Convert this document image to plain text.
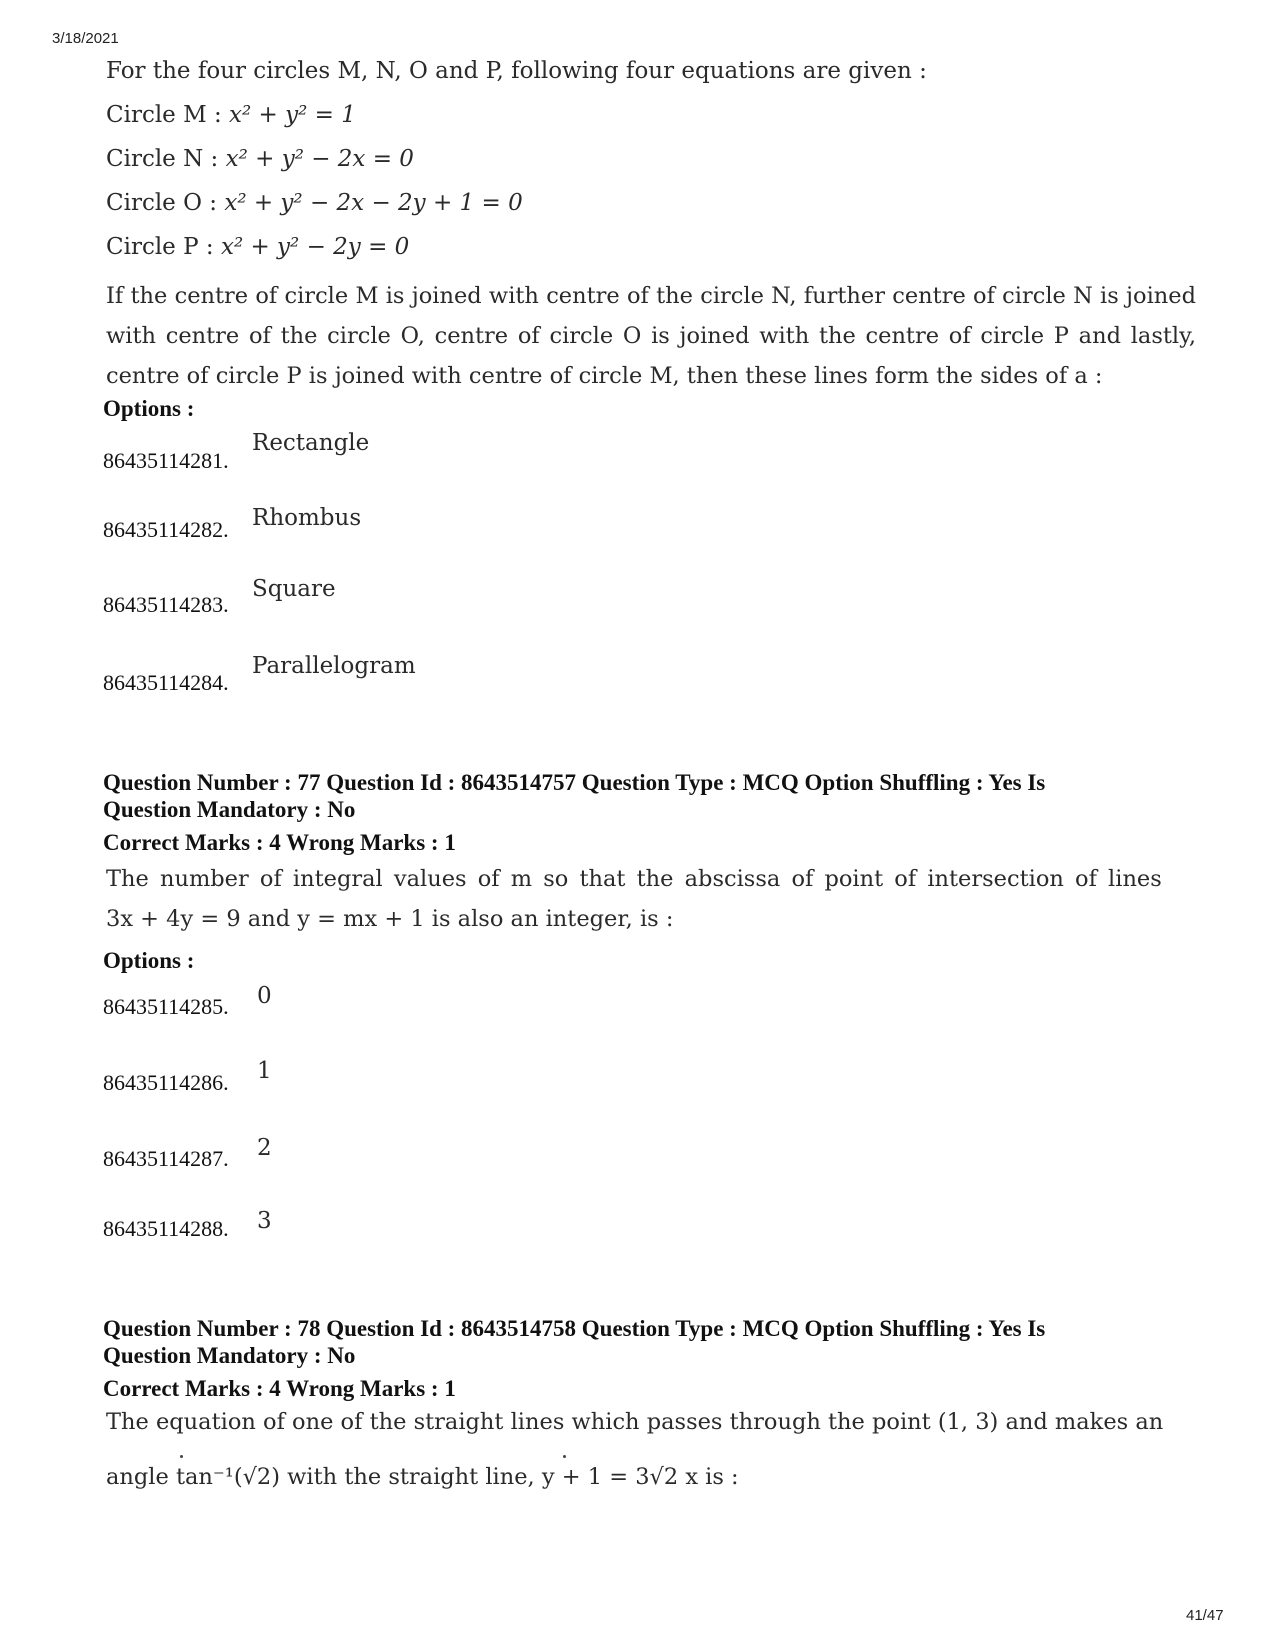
3/18/2021
For the four circles M, N, O and P, following four equations are given :
Circle M : x² + y² = 1
Circle N : x² + y² − 2x = 0
Circle O : x² + y² − 2x − 2y + 1 = 0
Circle P : x² + y² − 2y = 0
If the centre of circle M is joined with centre of the circle N, further centre of circle N is joined with centre of the circle O, centre of circle O is joined with the centre of circle P and lastly, centre of circle P is joined with centre of circle M, then these lines form the sides of a :
Options :
86435114281.
Rectangle
86435114282. Rhombus
86435114283.
Square
86435114284.
Parallelogram
Question Number : 77 Question Id : 8643514757 Question Type : MCQ Option Shuffling : Yes Is
Question Mandatory : No
Correct Marks : 4 Wrong Marks : 1
The number of integral values of m so that the abscissa of point of intersection of lines
3x + 4y = 9 and y = mx + 1 is also an integer, is :
Options :
86435114285. 0
86435114286. 1
86435114287. 2
86435114288. 3
Question Number : 78 Question Id : 8643514758 Question Type : MCQ Option Shuffling : Yes Is
Question Mandatory : No
Correct Marks : 4 Wrong Marks : 1
The equation of one of the straight lines which passes through the point (1, 3) and makes an
angle tan⁻¹(√2) with the straight line, y + 1 = 3√2 x is :
41/47
